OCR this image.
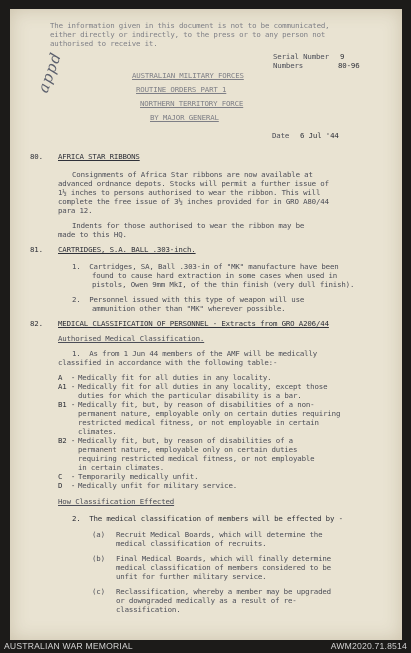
The information given in this document is not to be communicated,
either directly or indirectly, to the press or to any person not
authorised to receive it.
Serial Number 9
Numbers	80-96
AUSTRALIAN MILITARY FORCES
ROUTINE ORDERS PART 1
NORTHERN TERRITORY FORCE
BY MAJOR GENERAL
appd
Date 6 Jul '44
80. AFRICA STAR RIBBONS
Consignments of Africa Star ribbons are now available at
advanced ordnance depots. Stocks will permit a further issue of
1½ inches to persons authorised to wear the ribbon. This will
complete the free issue of 3½ inches provided for in GRO A80/44
para 12.
Indents for those authorised to wear the ribbon may be
made to this HQ.
81. CARTRIDGES, S.A. BALL .303-inch.
1.  Cartridges, SA, Ball .303-in of "MK" manufacture have been
found to cause hard extraction in some cases when used in
pistols, Owen 9mm MkI, of the thin finish (very dull finish).
2.  Personnel issued with this type of weapon will use
ammunition other than "MK" wherever possible.
82. MEDICAL CLASSIFICATION OF PERSONNEL - Extracts from GRO A206/44
Authorised Medical Classification.
1.  As from 1 Jun 44 members of the AMF will be medically
classified in accordance with the following table:-
A  - Medically fit for all duties in any locality.
A1 - Medically fit for all duties in any locality, except those
duties for which the particular disability is a bar.
B1 - Medically fit, but, by reason of disabilities of a non-
permanent nature, employable only on certain duties requiring
restricted medical fitness, or not employable in certain
climates.
B2 - Medically fit, but, by reason of disabilities of a
permanent nature, employable only on certain duties
requiring restricted medical fitness, or not employable
in certain climates.
C  - Temporarily medically unfit.
D  - Medically unfit for military service.
How Classification Effected
2.  The medical classification of members will be effected by -
(a) Recruit Medical Boards, which will determine the
medical classification of recruits.
(b) Final Medical Boards, which will finally determine
medical classification of members considered to be
unfit for further military service.
(c) Reclassification, whereby a member may be upgraded
or downgraded medically as a result of re-
classification.
AUSTRALIAN WAR MEMORIAL	AWM2020.71.8514
